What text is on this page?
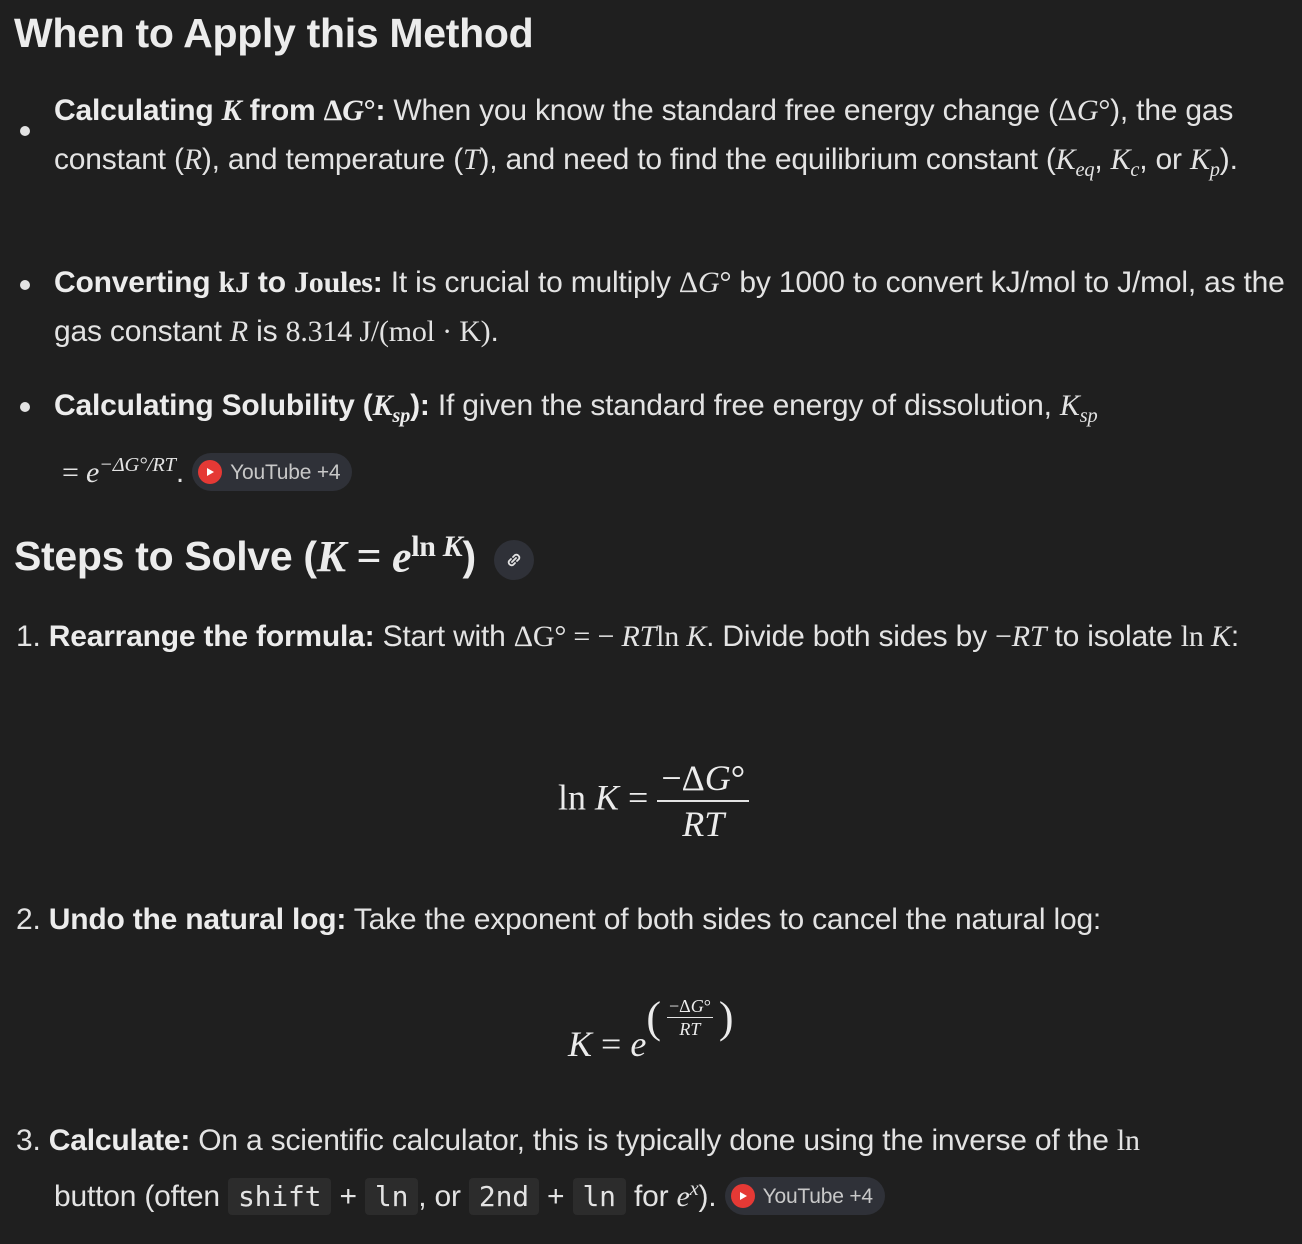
When to Apply this Method
Calculating K from ΔG°: When you know the standard free energy change (ΔG°), the gas constant (R), and temperature (T), and need to find the equilibrium constant ($K_{eq}$, $K_c$, or $K_p$).
Converting kJ to Joules: It is crucial to multiply ΔG° by 1000 to convert kJ/mol to J/mol, as the gas constant R is 8.314 J/(mol · K).
Calculating Solubility $(K_{sp})$: If given the standard free energy of dissolution, $K_{sp}$
= $e^{-\Delta G^\circ/RT}$. YouTube +4
Steps to Solve ( $K = e^{ln K}$ )
1. Rearrange the formula: Start with ΔG° = − RTln K. Divide both sides by −RT to isolate ln K:
$\ln K = \frac{-\Delta G^\circ}{RT}$
2. Undo the natural log: Take the exponent of both sides to cancel the natural log:
K = e
( −ΔG°
RT )
3. Calculate: On a scientific calculator, this is typically done using the inverse of the ln
button (often shift + ln , or 2nd + ln for $e^x$). YouTube +4
